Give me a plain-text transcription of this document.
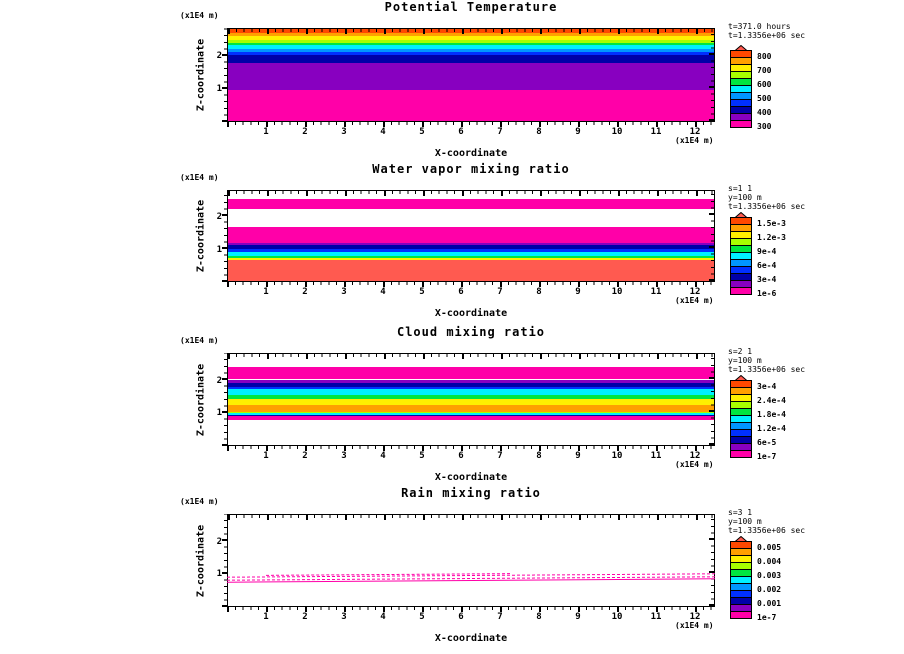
Potential Temperature
(x1E4 m)
Z-coordinate
(x1E4 m)
X-coordinate
t=371.0 hours
t=1.3356e+06 sec
1	2	3	4	5	6	7	8	9	10	11	12
1
2	800
700
600
500
400
300
Water vapor mixing ratio
(x1E4 m)
Z-coordinate
(x1E4 m)
X-coordinate
s=1 1
y=100 m
t=1.3356e+06 sec
1	2	3	4	5	6	7	8	9	10	11	12
1
2
1.5e-3
1.2e-3
9e-4
6e-4
3e-4
1e-6
Cloud mixing ratio
(x1E4 m)
Z-coordinate
(x1E4 m)
X-coordinate
s=2 1
y=100 m
t=1.3356e+06 sec
1	2	3	4	5	6	7	8	9	10	11	12
1
2
3e-4
2.4e-4
1.8e-4
1.2e-4
6e-5
1e-7
Rain mixing ratio
(x1E4 m)
Z-coordinate
(x1E4 m)
X-coordinate
s=3 1
y=100 m
t=1.3356e+06 sec
1	2	3	4	5	6	7	8	9	10	11	12
1
2
0.005
0.004
0.003
0.002
0.001
1e-7
